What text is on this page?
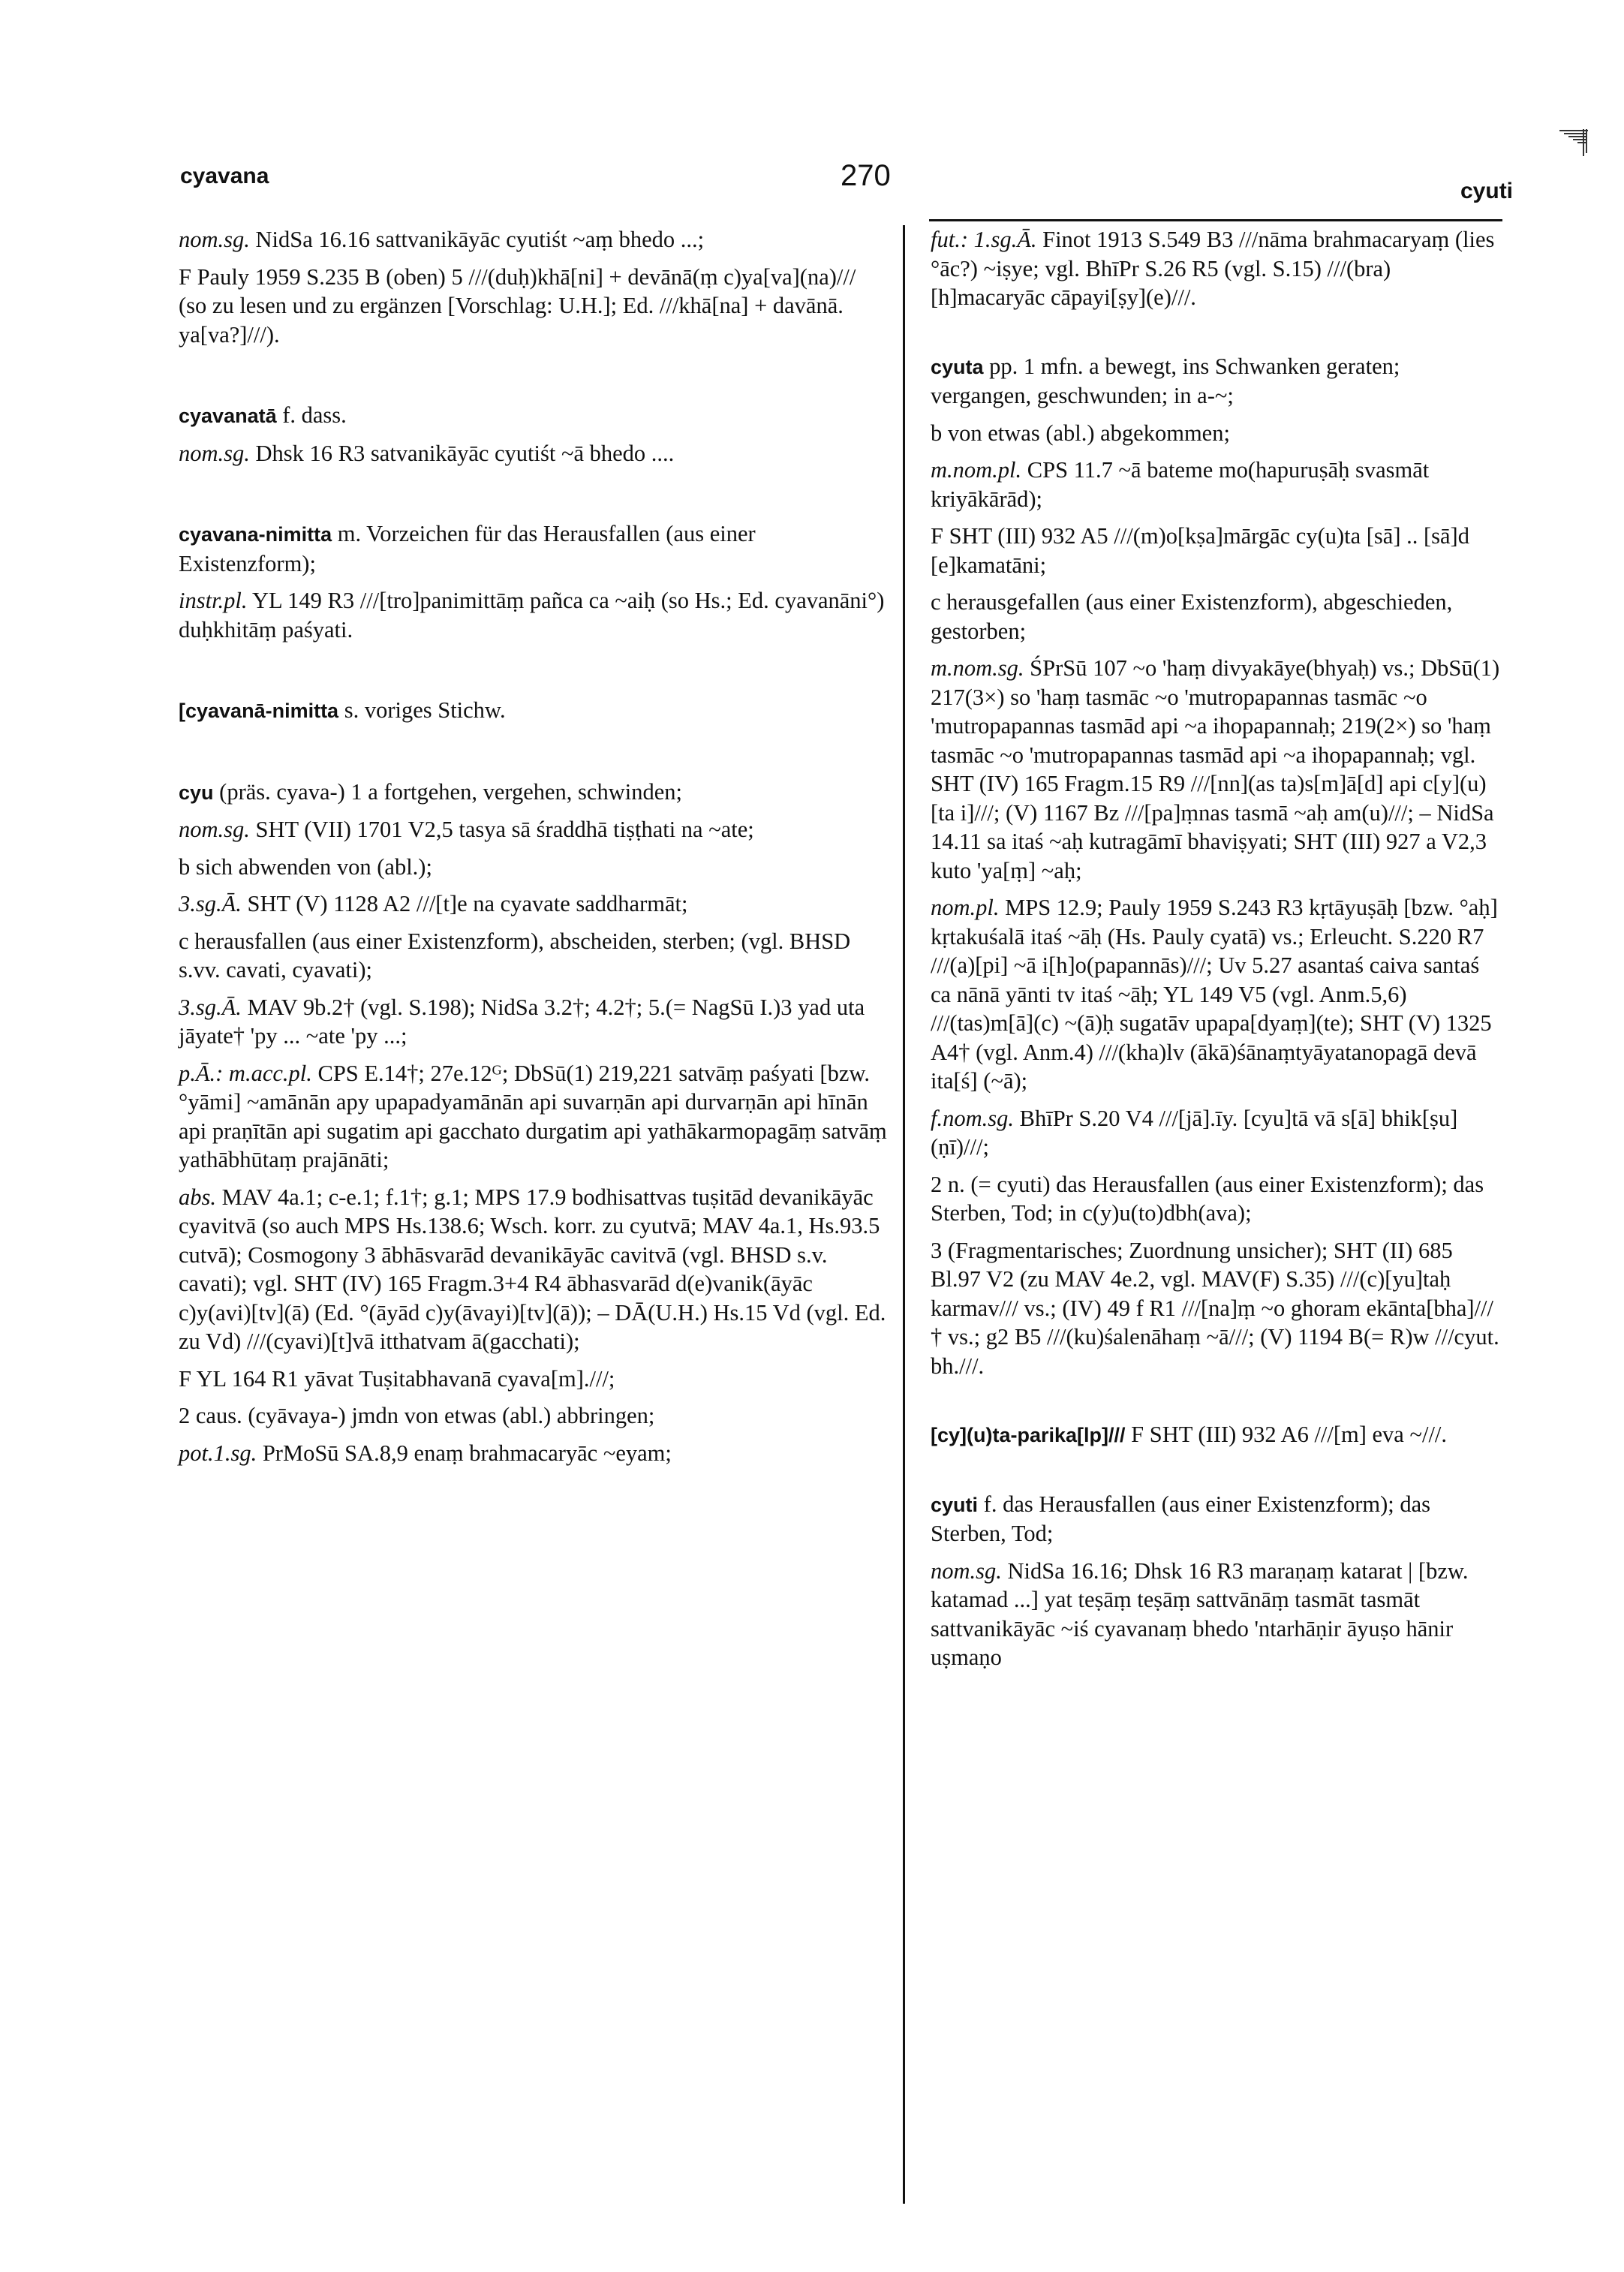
cyavana	270	cyuti
nom.sg. NidSa 16.16 sattvanikāyāc cyutiśt ~aṃ bhedo ...;
F Pauly 1959 S.235 B (oben) 5 ///(duḥ)khā[ni] + devānā(ṃ c)ya[va](na)/// (so zu lesen und zu ergänzen [Vorschlag: U.H.]; Ed. ///khā[na] + davānā. ya[va?]///).
cyavanatā f. dass.
nom.sg. Dhsk 16 R3 satvanikāyāc cyutiśt ~ā bhedo ....
cyavana-nimitta m. Vorzeichen für das Herausfallen (aus einer Existenzform);
instr.pl. YL 149 R3 ///[tro]panimittāṃ pañca ca ~aiḥ (so Hs.; Ed. cyavanāni°) duḥkhitāṃ paśyati.
[cyavanā-nimitta s. voriges Stichw.
cyu (präs. cyava-) 1 a fortgehen, vergehen, schwinden;
nom.sg. SHT (VII) 1701 V2,5 tasya sā śraddhā tiṣṭhati na ~ate;
b sich abwenden von (abl.);
3.sg.Ā. SHT (V) 1128 A2 ///[t]e na cyavate saddharmāt;
c herausfallen (aus einer Existenzform), abscheiden, sterben; (vgl. BHSD s.vv. cavati, cyavati);
3.sg.Ā. MAV 9b.2† (vgl. S.198); NidSa 3.2†; 4.2†; 5.(= NagSū I.)3 yad uta jāyate† 'py ... ~ate 'py ...;
p.Ā.: m.acc.pl. CPS E.14†; 27e.12ᴳ; DbSū(1) 219,221 satvāṃ paśyati [bzw. °yāmi] ~amānān apy upapadyamānān api suvarṇān api durvarṇān api hīnān api praṇītān api sugatim api gacchato durgatim api yathākarmopagāṃ satvāṃ yathābhūtaṃ prajānāti;
abs. MAV 4a.1; c-e.1; f.1†; g.1; MPS 17.9 bodhisattvas tuṣitād devanikāyāc cyavitvā (so auch MPS Hs.138.6; Wsch. korr. zu cyutvā; MAV 4a.1, Hs.93.5 cutvā); Cosmogony 3 ābhāsvarād devanikāyāc cavitvā (vgl. BHSD s.v. cavati); vgl. SHT (IV) 165 Fragm.3+4 R4 ābhasvarād d(e)vanik(āyāc c)y(avi)[tv](ā) (Ed. °(āyād c)y(āvayi)[tv](ā)); – DĀ(U.H.) Hs.15 Vd (vgl. Ed. zu Vd) ///(cyavi)[t]vā itthatvam ā(gacchati);
F YL 164 R1 yāvat Tuṣitabhavanā cyava[m].///;
2 caus. (cyāvaya-) jmdn von etwas (abl.) abbringen;
pot.1.sg. PrMoSū SA.8,9 enaṃ brahmacaryāc ~eyam;
fut.: 1.sg.Ā. Finot 1913 S.549 B3 ///nāma brahmacaryaṃ (lies °āc?) ~iṣye; vgl. BhīPr S.26 R5 (vgl. S.15) ///(bra)[h]macaryāc cāpayi[ṣy](e)///.
cyuta pp. 1 mfn. a bewegt, ins Schwanken geraten; vergangen, geschwunden; in a-~;
b von etwas (abl.) abgekommen;
m.nom.pl. CPS 11.7 ~ā bateme mo(hapuruṣāḥ svasmāt kriyākārād);
F SHT (III) 932 A5 ///(m)o[kṣa]mārgāc cy(u)ta [sā] .. [sā]d [e]kamatāni;
c herausgefallen (aus einer Existenzform), abgeschieden, gestorben;
m.nom.sg. ŚPrSū 107 ~o 'haṃ divyakāye(bhyaḥ) vs.; DbSū(1) 217(3×) so 'haṃ tasmāc ~o 'mutropapannas tasmāc ~o 'mutropapannas tasmād api ~a ihopapannaḥ; 219(2×) so 'haṃ tasmāc ~o 'mutropapannas tasmād api ~a ihopapannaḥ; vgl. SHT (IV) 165 Fragm.15 R9 ///[nn](as ta)s[m]ā[d] api c[y](u)[ta i]///; (V) 1167 Bz ///[pa]ṃnas tasmā ~aḥ am(u)///; – NidSa 14.11 sa itaś ~aḥ kutragāmī bhaviṣyati; SHT (III) 927 a V2,3 kuto 'ya[ṃ] ~aḥ;
nom.pl. MPS 12.9; Pauly 1959 S.243 R3 kṛtāyuṣāḥ [bzw. °aḥ] kṛtakuśalā itaś ~āḥ (Hs. Pauly cyatā) vs.; Erleucht. S.220 R7 ///(a)[pi] ~ā i[h]o(papannās)///; Uv 5.27 asantaś caiva santaś ca nānā yānti tv itaś ~āḥ; YL 149 V5 (vgl. Anm.5,6) ///(tas)m[ā](c) ~(ā)ḥ sugatāv upapa[dyaṃ](te); SHT (V) 1325 A4† (vgl. Anm.4) ///(kha)lv (ākā)śānaṃtyāyatanopagā devā ita[ś] (~ā);
f.nom.sg. BhīPr S.20 V4 ///[jā].īy. [cyu]tā vā s[ā] bhik[ṣu](ṇī)///;
2 n. (= cyuti) das Herausfallen (aus einer Existenzform); das Sterben, Tod; in c(y)u(to)dbh(ava);
3 (Fragmentarisches; Zuordnung unsicher); SHT (II) 685 Bl.97 V2 (zu MAV 4e.2, vgl. MAV(F) S.35) ///(c)[yu]taḥ karmav/// vs.; (IV) 49 f R1 ///[na]ṃ ~o ghoram ekānta[bha]///† vs.; g2 B5 ///(ku)śalenāhaṃ ~ā///; (V) 1194 B(= R)w ///cyut. bh.///.
[cy](u)ta-parika[lp]/// F SHT (III) 932 A6 ///[m] eva ~///.
cyuti f. das Herausfallen (aus einer Existenzform); das Sterben, Tod;
nom.sg. NidSa 16.16; Dhsk 16 R3 maraṇaṃ katarat | [bzw. katamad ...] yat teṣāṃ teṣāṃ sattvānāṃ tasmāt tasmāt sattvanikāyāc ~iś cyavanaṃ bhedo 'ntarhāṇir āyuṣo hānir uṣmaṇo
